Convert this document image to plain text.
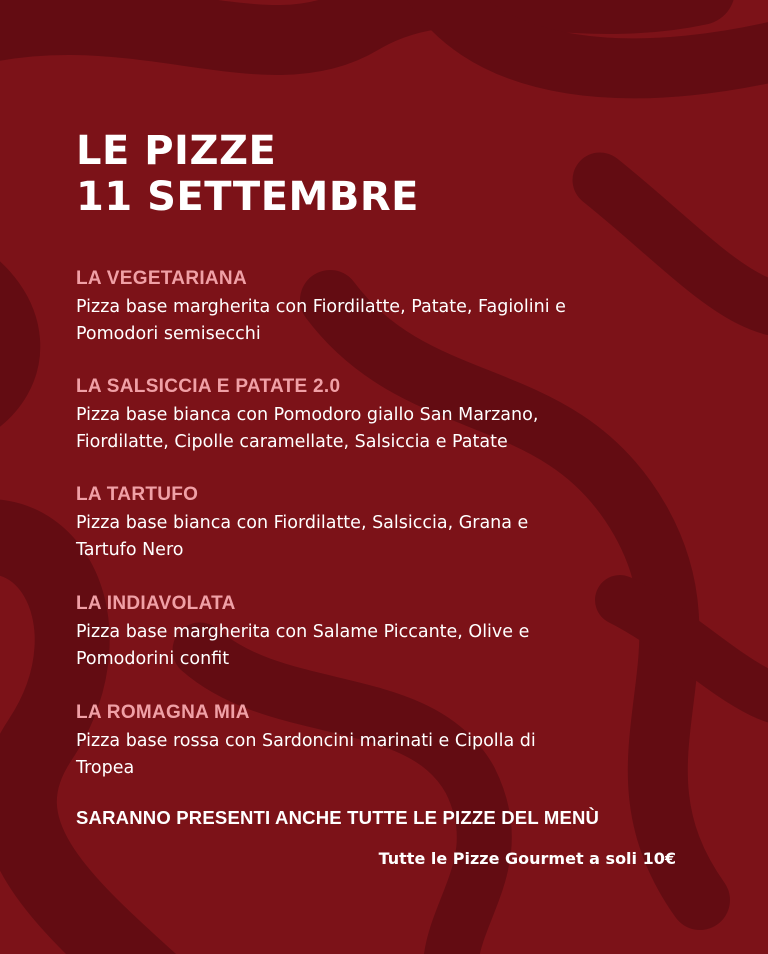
LE PIZZE
11 SETTEMBRE
LA VEGETARIANA
Pizza base margherita con Fiordilatte, Patate, Fagiolini e
Pomodori semisecchi
LA SALSICCIA E PATATE 2.0
Pizza base bianca con Pomodoro giallo San Marzano,
Fiordilatte, Cipolle caramellate, Salsiccia e Patate
LA TARTUFO
Pizza base bianca con Fiordilatte, Salsiccia, Grana e
Tartufo Nero
LA INDIAVOLATA
Pizza base margherita con Salame Piccante, Olive e
Pomodorini confit
LA ROMAGNA MIA
Pizza base rossa con Sardoncini marinati e Cipolla di
Tropea
SARANNO PRESENTI ANCHE TUTTE LE PIZZE DEL MENÙ
Tutte le Pizze Gourmet a soli 10€
